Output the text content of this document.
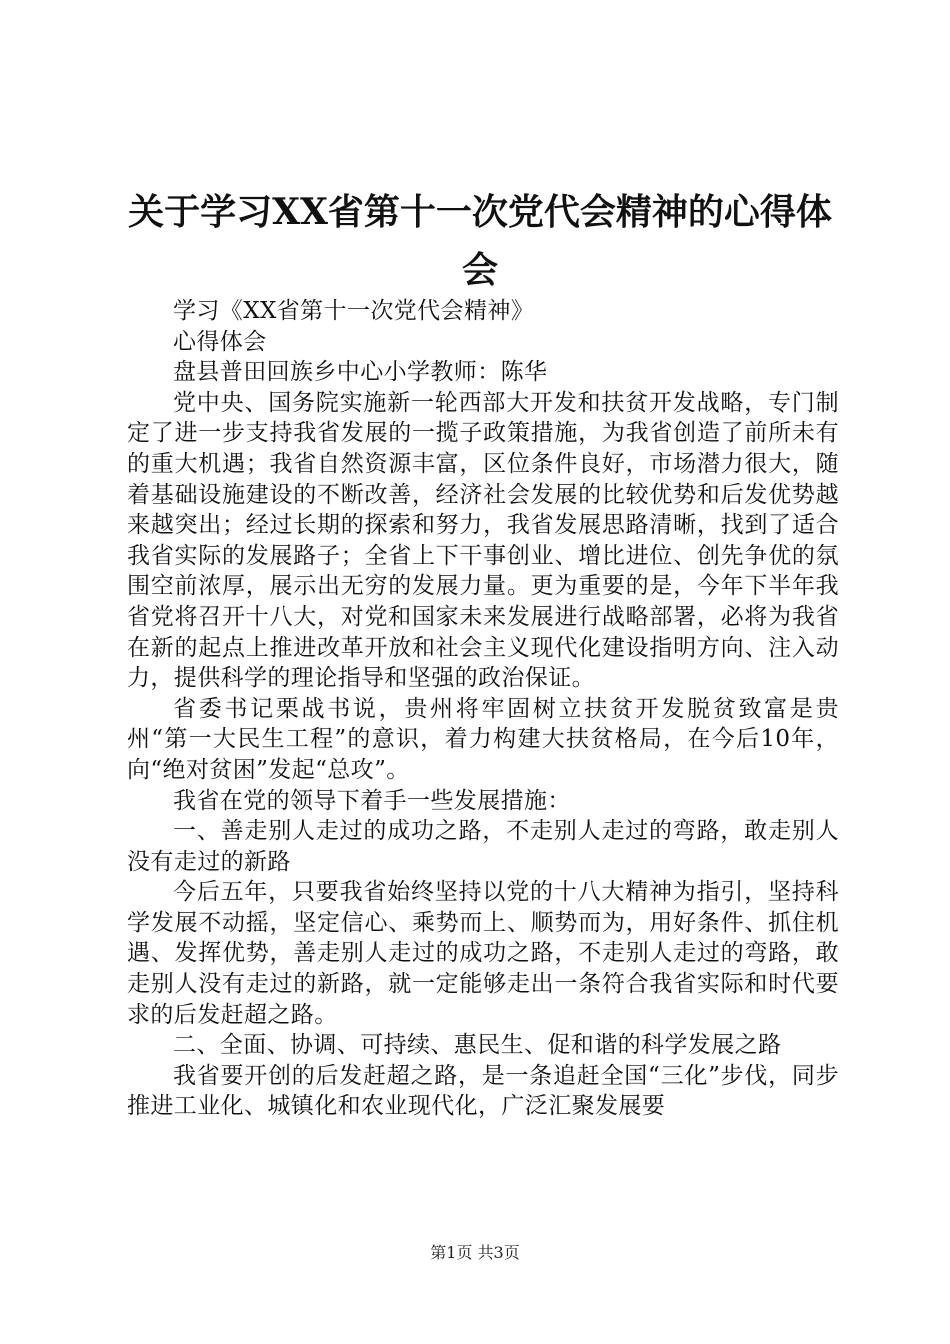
关于学习XX省第十一次党代会精神的心得体会

学习《XX省第十一次党代会精神》

心得体会

盘县普田回族乡中心小学教师：陈华

党中央、国务院实施新一轮西部大开发和扶贫开发战略，专门制定了进一步支持我省发展的一揽子政策措施，为我省创造了前所未有的重大机遇；我省自然资源丰富，区位条件良好，市场潜力很大，随着基础设施建设的不断改善，经济社会发展的比较优势和后发优势越来越突出；经过长期的探索和努力，我省发展思路清晰，找到了适合我省实际的发展路子；全省上下干事创业、增比进位、创先争优的氛围空前浓厚，展示出无穷的发展力量。更为重要的是，今年下半年我省党将召开十八大，对党和国家未来发展进行战略部署，必将为我省在新的起点上推进改革开放和社会主义现代化建设指明方向、注入动力，提供科学的理论指导和坚强的政治保证。

省委书记栗战书说，贵州将牢固树立扶贫开发脱贫致富是贵州“第一大民生工程”的意识，着力构建大扶贫格局，在今后10年，向“绝对贫困”发起“总攻”。

我省在党的领导下着手一些发展措施：

一、善走别人走过的成功之路，不走别人走过的弯路，敢走别人没有走过的新路

今后五年，只要我省始终坚持以党的十八大精神为指引，坚持科学发展不动摇，坚定信心、乘势而上、顺势而为，用好条件、抓住机遇、发挥优势，善走别人走过的成功之路，不走别人走过的弯路，敢走别人没有走过的新路，就一定能够走出一条符合我省实际和时代要求的后发赶超之路。

二、全面、协调、可持续、惠民生、促和谐的科学发展之路

我省要开创的后发赶超之路，是一条追赶全国“三化”步伐，同步推进工业化、城镇化和农业现代化，广泛汇聚发展要

第1页 共3页
